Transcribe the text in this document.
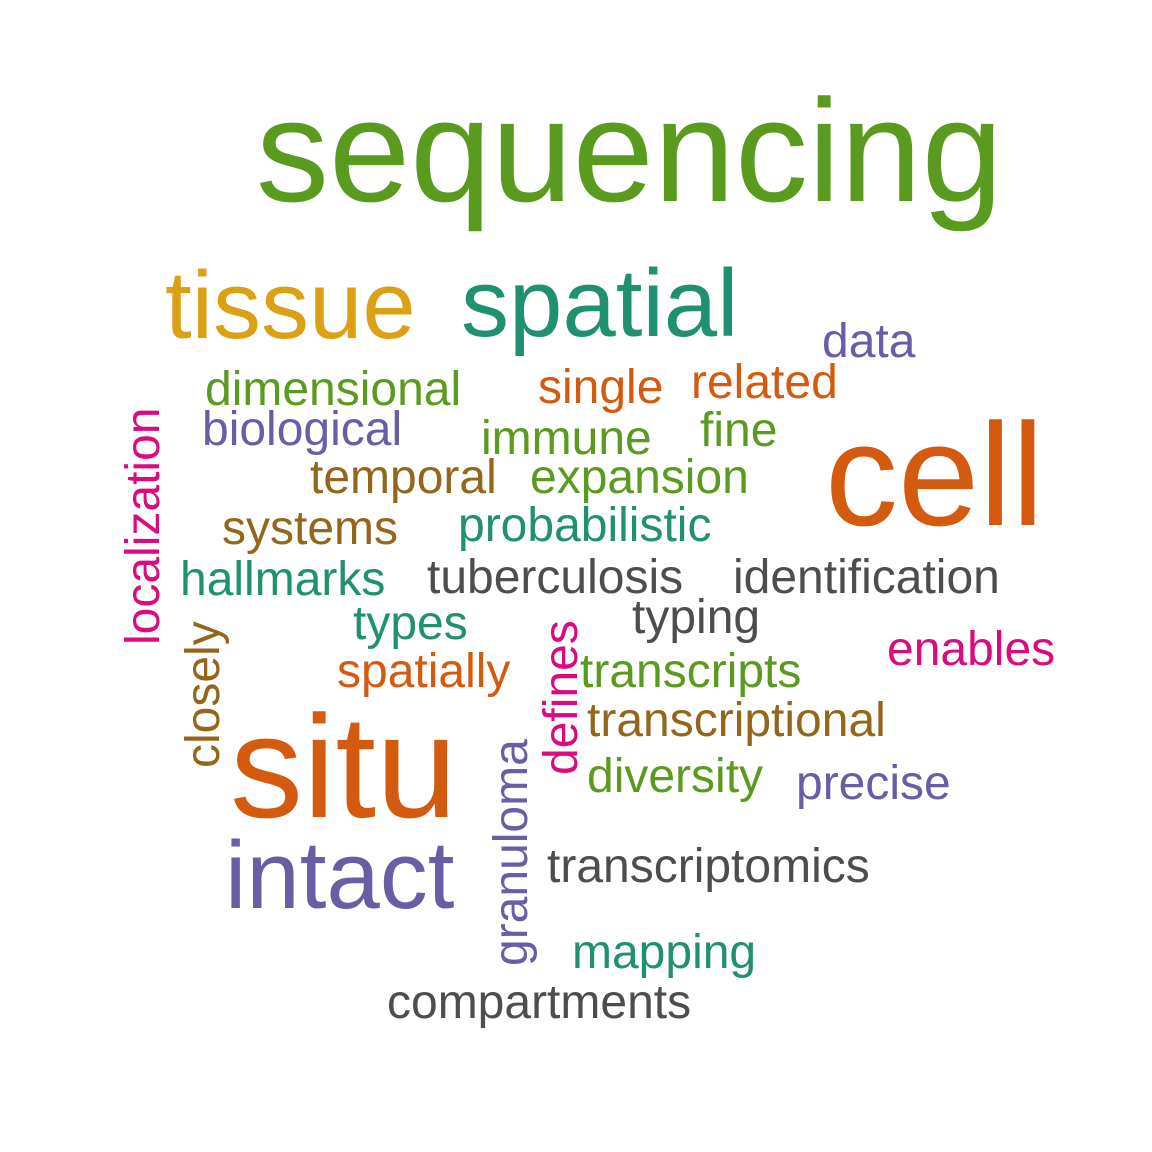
sequencing
tissue spatial data
dimensional single related
biological immune fine cell
localization	temporal expansion
systems probabilistic
hallmarks tuberculosis identification
closely	types	typing
defines	enables
spatially transcripts
granuloma
transcriptional
situ	diversity precise
intact transcriptomics
mapping
compartments
